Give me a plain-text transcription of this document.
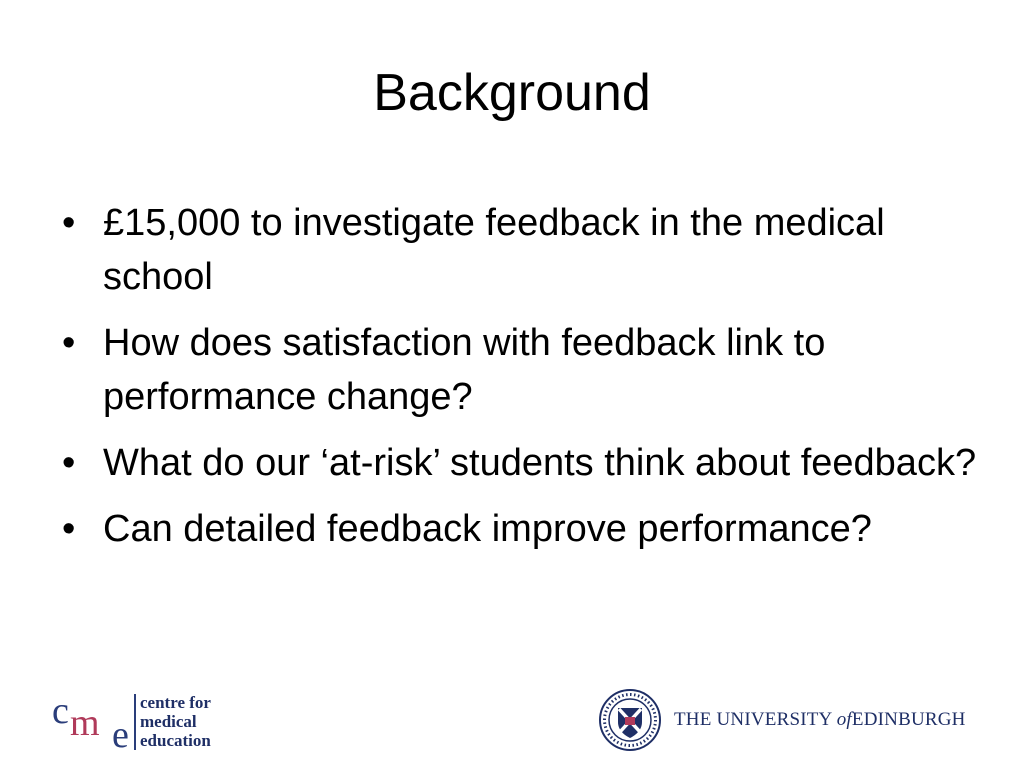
Background
• £15,000 to investigate feedback in the medical school
• How does satisfaction with feedback link to performance change?
• What do our ‘at-risk’ students think about feedback?
• Can detailed feedback improve performance?
c m e
centre for
medical
education
THE UNIVERSITY ofEDINBURGH
